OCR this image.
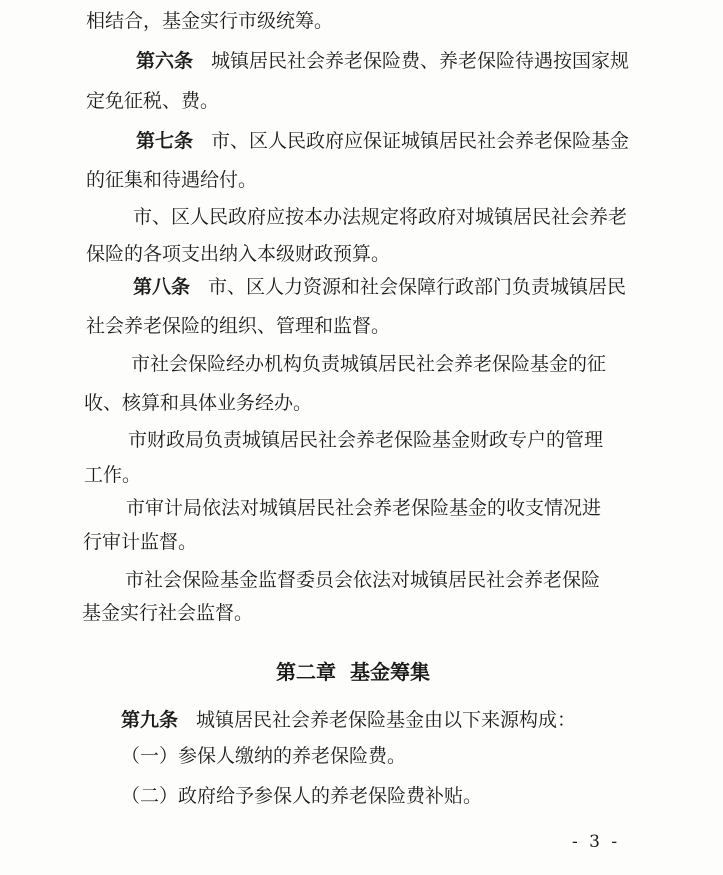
相结合，基金实行市级统筹。
第六条 城镇居民社会养老保险费、养老保险待遇按国家规
定免征税、费。
第七条 市、区人民政府应保证城镇居民社会养老保险基金
的征集和待遇给付。
市、区人民政府应按本办法规定将政府对城镇居民社会养老
保险的各项支出纳入本级财政预算。
第八条 市、区人力资源和社会保障行政部门负责城镇居民
社会养老保险的组织、管理和监督。
市社会保险经办机构负责城镇居民社会养老保险基金的征
收、核算和具体业务经办。
市财政局负责城镇居民社会养老保险基金财政专户的管理
工作。
市审计局依法对城镇居民社会养老保险基金的收支情况进
行审计监督。
市社会保险基金监督委员会依法对城镇居民社会养老保险
基金实行社会监督。
第二章 基金筹集
第九条 城镇居民社会养老保险基金由以下来源构成：
（一）参保人缴纳的养老保险费。
（二）政府给予参保人的养老保险费补贴。
- 3 -
